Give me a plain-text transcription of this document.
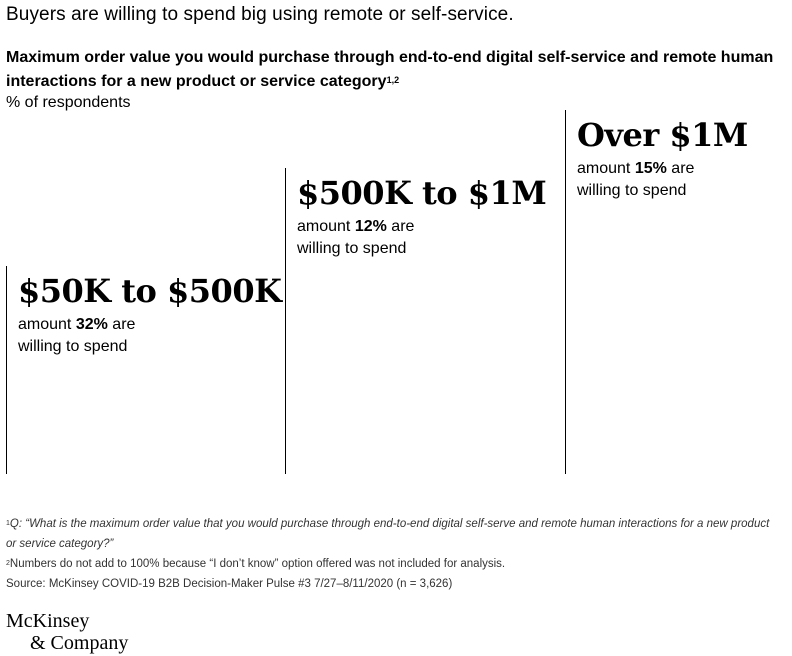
Buyers are willing to spend big using remote or self-service.
Maximum order value you would purchase through end-to-end digital self-service and remote human interactions for a new product or service category$^{1,2}$
% of respondents
$50K to $500K
amount 32% are
willing to spend
$500K to $1M
amount 12% are
willing to spend
Over $1M
amount 15% are
willing to spend
$^1$Q: “What is the maximum order value that you would purchase through end-to-end digital self-serve and remote human interactions for a new product or service category?”
$^2$Numbers do not add to 100% because “I don’t know” option offered was not included for analysis.
Source: McKinsey COVID-19 B2B Decision-Maker Pulse #3 7/27–8/11/2020 (n = 3,626)
McKinsey
& Company
